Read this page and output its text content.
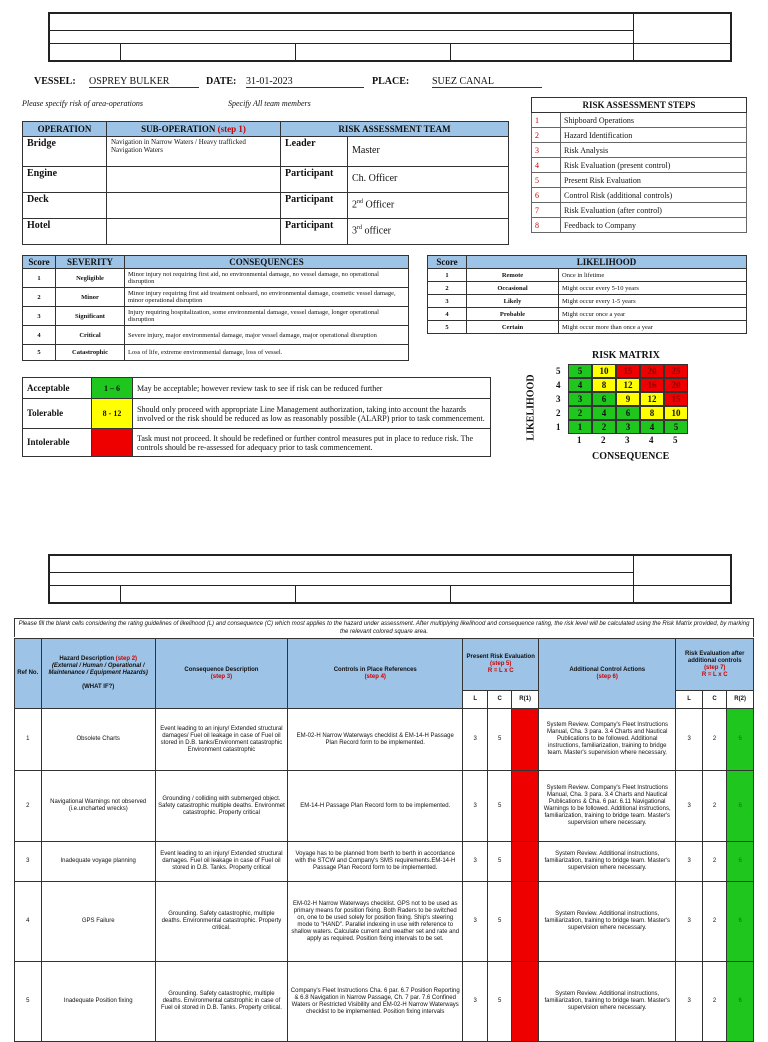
VESSEL: OSPREY BULKER	DATE: 31-01-2023	PLACE: SUEZ CANAL
Please specify risk of area-operations	Specify All team members	RISK ASSESSMENT STEPS	
1	Shipboard Operations
2	Hazard Identification
3	Risk Analysis
4	Risk Evaluation (present control)
5	Present Risk Evaluation
6	Control Risk (additional controls)
7	Risk Evaluation (after control)
8	Feedback to Company
OPERATION	SUB-OPERATION (step 1)	RISK ASSESSMENT TEAM	
Bridge	Navigation in Narrow Waters / Heavy trafficked Navigation Waters	Leader	Master
Engine		Participant	Ch. Officer
Deck		Participant	2nd Officer
Hotel		Participant	3rd officer
Score	SEVERITY	CONSEQUENCES
1	Negligible	Minor injury not requiring first aid, no environmental damage, no vessel damage, no operational disruption
2	Minor	Minor injury requiring first aid treatment onboard, no environmental damage, cosmetic vessel damage, minor operational disruption
3	Significant	Injury requiring hospitalization, some environmental damage, vessel damage, longer operational disruption
4	Critical	Severe injury, major environmental damage, major vessel damage, major operational disruption
5	Catastrophic	Loss of life, extreme environmental damage, loss of vessel.
Score	LIKELIHOOD	
1	Remote	Once in lifetime
2	Occasional	Might occur every 5-10 years
3	Likely	Might occur every 1-5 years
4	Probable	Might occur once a year
5	Certain	Might occur more than once a year
Acceptable	1 – 6	May be acceptable; however review task to see if risk can be reduced further
Tolerable	8 - 12	Should only proceed with appropriate Line Management authorization, taking into account the hazards involved or the risk should be reduced as low as reasonably possible (ALARP) prior to task commencement.
Intolerable	15 - 25	Task must not proceed. It should be redefined or further control measures put in place to reduce risk. The controls should be re-assessed for adequacy prior to task commencement.
RISK MATRIX
LIKELIHOOD
CONSEQUENCE
5	5	10	15	20	25
4	4	8	12	16	20
3	3	6	9	12	15
2	2	4	6	8	10
1	1	2	3	4	5
1 2 3 4 5
Please fill the blank cells considering the rating guidelines of likelihood (L) and consequence (C) which most applies to the hazard under assessment. After multiplying likelihood and consequence rating, the risk level will be calculated using the Risk Matrix provided, by marking the relevant colored square area.
Ref No.	Hazard Description (step 2)
(External / Human / Operational / Maintenance / Equipment Hazards)

(WHAT IF?)	Consequence Description
(step 3)	Controls in Place References
(step 4)	Present Risk Evaluation
(step 5)
R = L x C			Additional Control Actions
(step 6)	Risk Evaluation after additional controls
(step 7)
R = L x C		
				L	C	R(1)		L	C	R(2)
1	Obsolete Charts	Event leading to an injury/ Extended structural damages/ Fuel oil leakage in case of Fuel oil stored in D.B. tanks/Environment catastrophic Environment catastrophic	EM-02-H Narrow Waterways checklist & EM-14-H Passage Plan Record form to be implemented.	3	5	15	System Review. Company's Fleet Instructions Manual, Cha. 3 para. 3.4 Charts and Nautical Publications to be followed. Additional instructions, familiarization, training to bridge team. Master's supervision where necessary.	3	2	6
2	Navigational Warnings not observed (i.e.uncharted wrecks)	Grounding / colliding with submerged object. Safety catastrophic multiple deaths. Environmet catastrophic. Property critical	EM-14-H Passage Plan Record form to be implemented.	3	5	15	System Review. Company's Fleet Instructions Manual, Cha. 3 para. 3.4 Charts and Nautical Publications & Cha. 6 par. 6.11 Navigational Warnings to be followed. Additional instructions, familiarization, training to bridge team. Master's supervision where necessary.	3	2	6
3	Inadequate voyage planning	Event leading to an injury/ Extended structural damages. Fuel oil leakage in case of Fuel oil stored in D.B. Tanks. Property critical	Voyage has to be planned from berth to berth in accordance with the STCW and Company's SMS requirements.EM-14-H Passage Plan Record form to be implemented.	3	5	15	System Review. Additional instructions, familiarization, training to bridge team. Master's supervision where necessary.	3	2	6
4	GPS Failure	Grounding. Safety catastrophic, multiple deaths. Environmental catastrophic. Property critical.	EM-02-H Narrow Waterways checklist. GPS not to be used as primary means for position fixing. Both Raders to be switched on, one to be used solely for position fixing. Ship's steering mode to "HAND". Parallel indexing in use with reference to shallow waters. Calculate current and weather set and rate and apply as required. Position fixing intervals to be set.	3	5	15	System Review. Additional instructions, familiarization, training to bridge team. Master's supervision where necessary.	3	2	6
5	Inadequate Position fixing	Grounding. Safety catastrophic, multiple deaths. Environmental catstrophic in case of Fuel oil stored in D.B. Tanks. Property critical.	Company's Fleet Instructions Cha. 6 par. 6.7 Position Reporting & 6.8 Navigation in Narrow Passage, Ch. 7 par. 7.6 Confined Waters or Restricted Visibility and EM-02-H Narrow Waterways checklist to be implemented. Position fixing intervals	3	5	15	System Review. Additional instructions, familiarization, training to bridge team. Master's supervision where necessary.	3	2	6
